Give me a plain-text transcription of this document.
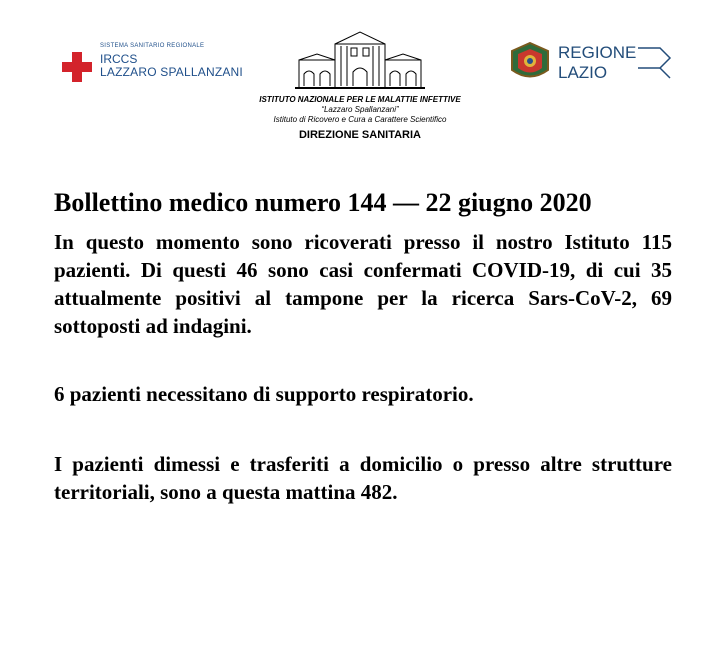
SISTEMA SANITARIO REGIONALE
IRCCS
LAZZARO SPALLANZANI
ISTITUTO NAZIONALE PER LE MALATTIE INFETTIVE
“Lazzaro Spallanzani”
Istituto di Ricovero e Cura a Carattere Scientifico
DIREZIONE SANITARIA
REGIONE
LAZIO
Bollettino medico numero 144 — 22 giugno 2020

In questo momento sono ricoverati presso il nostro Istituto 115 pazienti. Di questi 46 sono casi confermati COVID-19, di cui 35 attualmente positivi al tampone per la ricerca Sars-CoV-2, 69 sottoposti ad indagini.

6 pazienti necessitano di supporto respiratorio.

I pazienti dimessi e trasferiti a domicilio o presso altre strutture territoriali, sono a questa mattina 482.
